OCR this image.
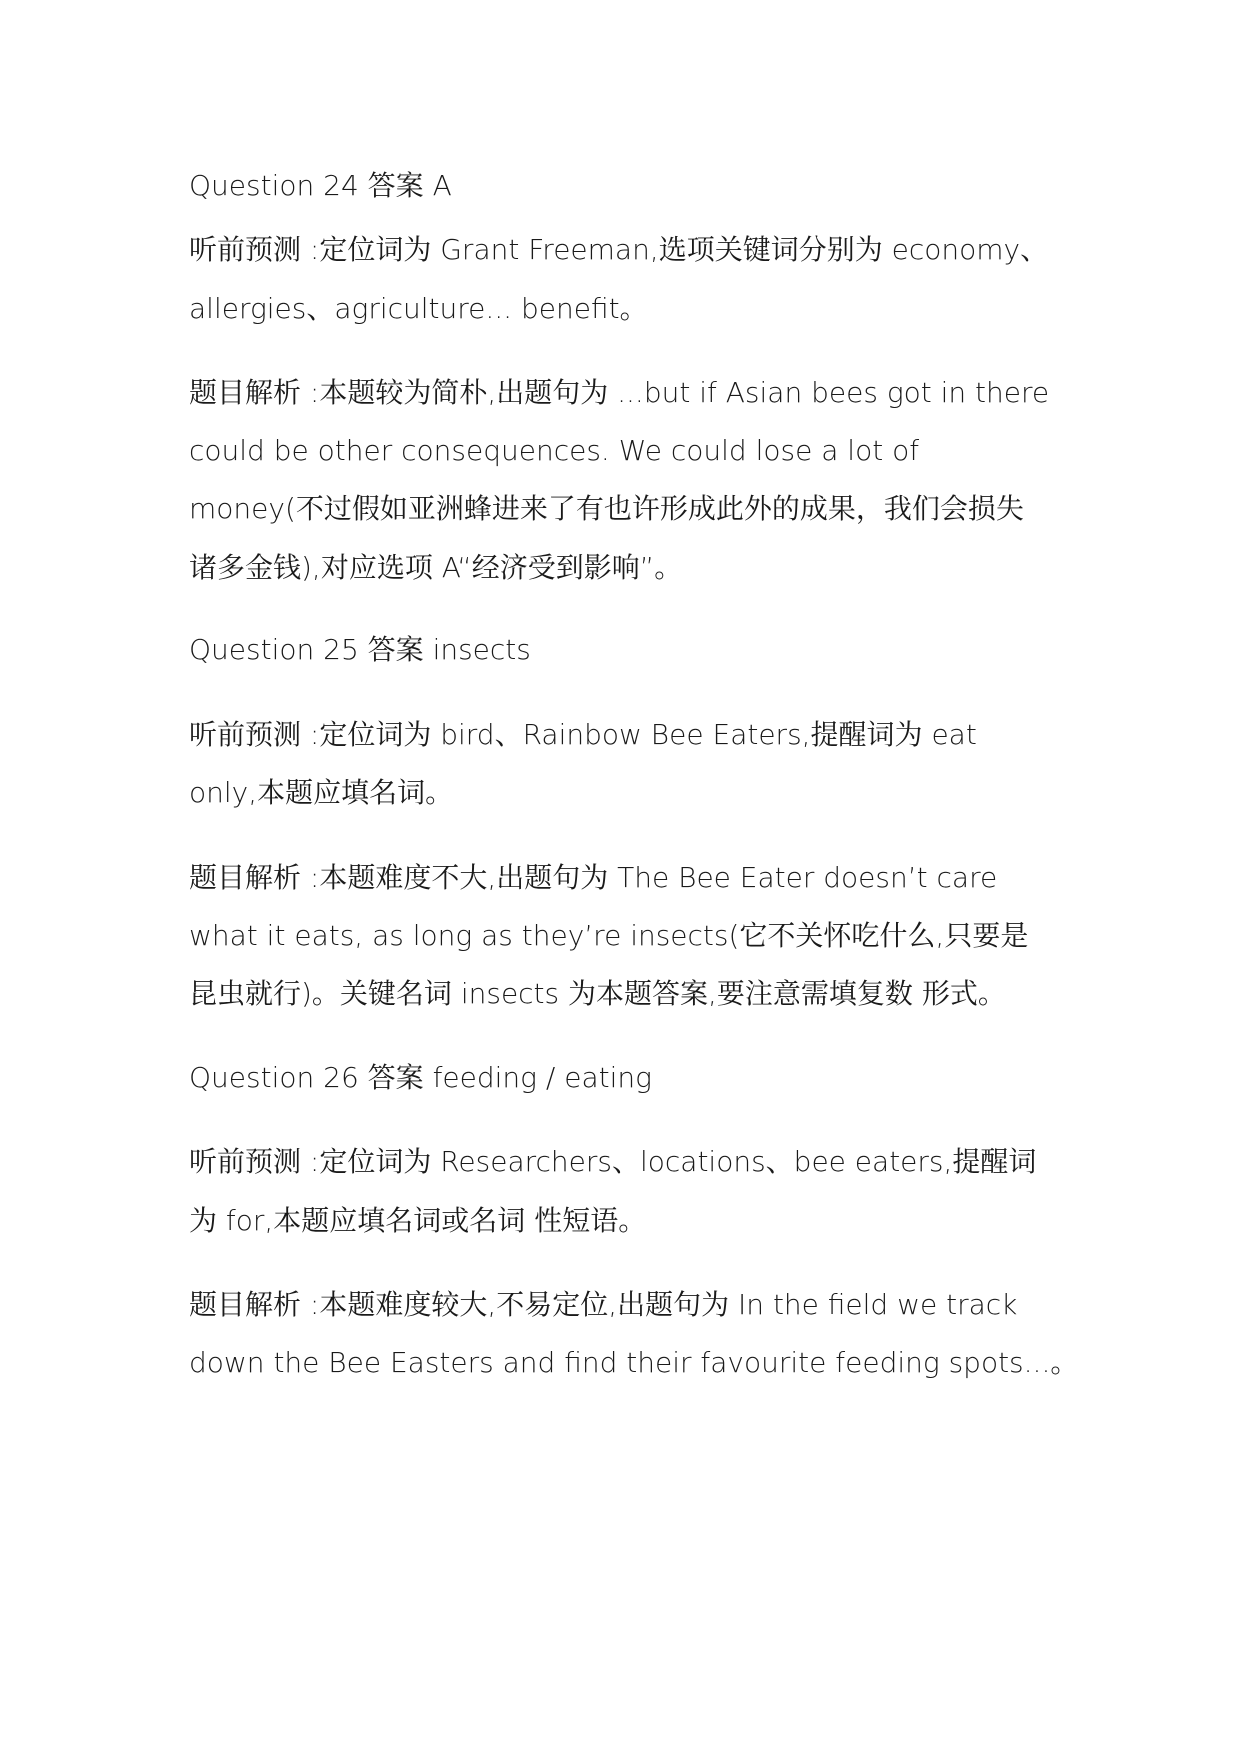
Question 24 答案 A
听前预测 :定位词为 Grant Freeman,选项关键词分别为 economy、
allergies、agriculture... benefit。
题目解析 :本题较为简朴,出题句为 ...but if Asian bees got in there
could be other consequences. We could lose a lot of
money(不过假如亚洲蜂进来了有也许形成此外的成果，我们会损失
诸多金钱),对应选项 A“经济受到影响”。
Question 25 答案 insects
听前预测 :定位词为 bird、Rainbow Bee Eaters,提醒词为 eat
only,本题应填名词。
题目解析 :本题难度不大,出题句为 The Bee Eater doesn’t care
what it eats, as long as they’re insects(它不关怀吃什么,只要是
昆虫就行)。关键名词 insects 为本题答案,要注意需填复数 形式。
Question 26 答案 feeding / eating
听前预测 :定位词为 Researchers、locations、bee eaters,提醒词
为 for,本题应填名词或名词 性短语。
题目解析 :本题难度较大,不易定位,出题句为 In the field we track
down the Bee Easters and find their favourite feeding spots...。
